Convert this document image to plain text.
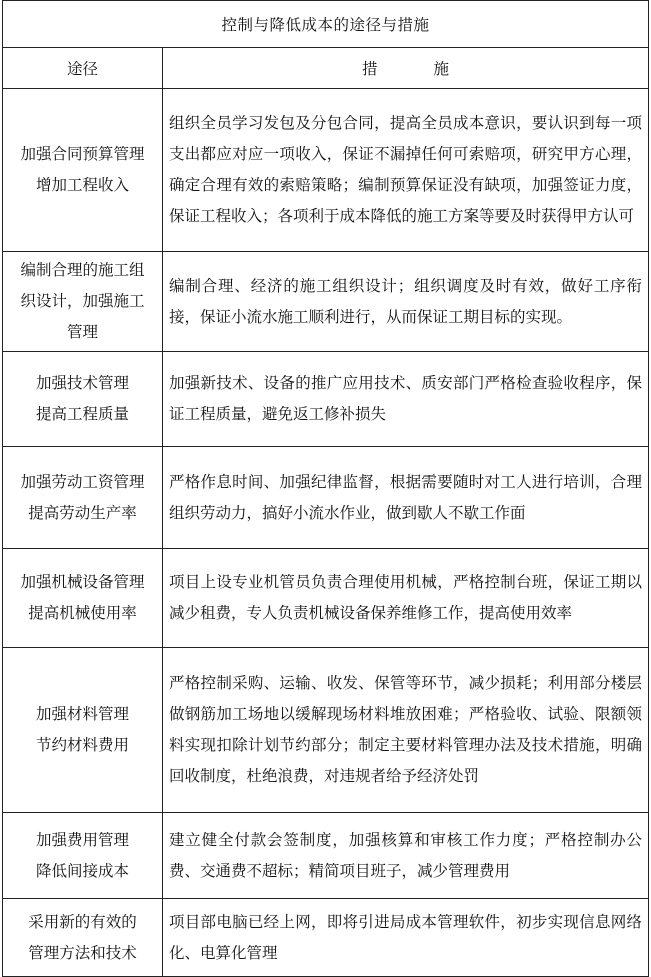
控制与降低成本的途径与措施	
途径	措 施

加强合同预算管理
增加工程收入	组织全员学习发包及分包合同，提高全员成本意识，要认识到每一项支出都应对应一项收入，保证不漏掉任何可索赔项，研究甲方心理，确定合理有效的索赔策略；编制预算保证没有缺项，加强签证力度，保证工程收入；各项利于成本降低的施工方案等要及时获得甲方认可

编制合理的施工组
织设计，加强施工
管理	编制合理、经济的施工组织设计；组织调度及时有效，做好工序衔接，保证小流水施工顺利进行，从而保证工期目标的实现。

加强技术管理
提高工程质量	加强新技术、设备的推广应用技术、质安部门严格检查验收程序，保证工程质量，避免返工修补损失

加强劳动工资管理
提高劳动生产率	严格作息时间、加强纪律监督，根据需要随时对工人进行培训，合理组织劳动力，搞好小流水作业，做到歇人不歇工作面

加强机械设备管理
提高机械使用率	项目上设专业机管员负责合理使用机械，严格控制台班，保证工期以减少租费，专人负责机械设备保养维修工作，提高使用效率

加强材料管理
节约材料费用	严格控制采购、运输、收发、保管等环节，减少损耗；利用部分楼层做钢筋加工场地以缓解现场材料堆放困难；严格验收、试验、限额领料实现扣除计划节约部分；制定主要材料管理办法及技术措施，明确回收制度，杜绝浪费，对违规者给予经济处罚

加强费用管理
降低间接成本	建立健全付款会签制度，加强核算和审核工作力度；严格控制办公费、交通费不超标；精简项目班子，减少管理费用

采用新的有效的
管理方法和技术	项目部电脑已经上网，即将引进局成本管理软件，初步实现信息网络化、电算化管理
